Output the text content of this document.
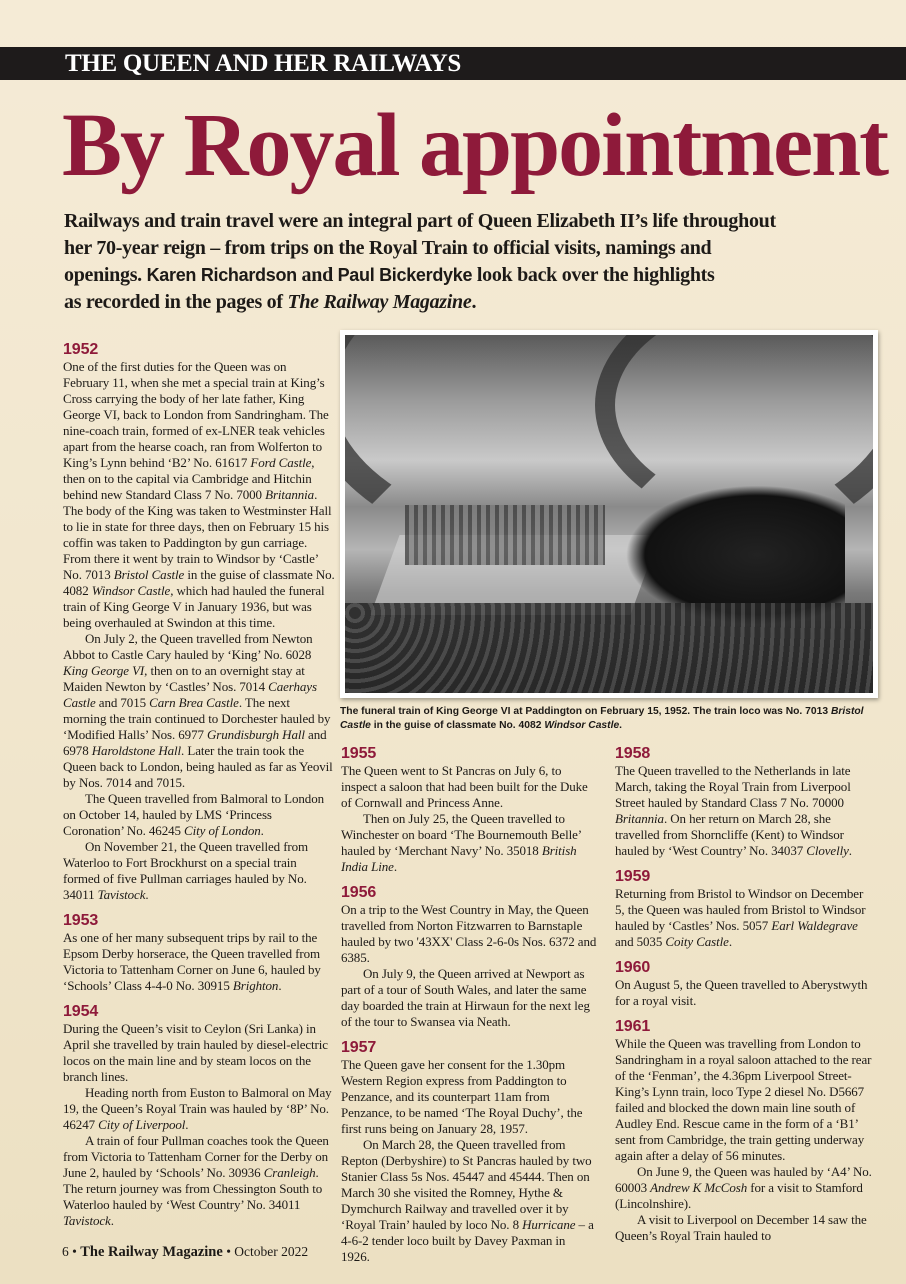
THE QUEEN AND HER RAILWAYS
By Royal appointment
Railways and train travel were an integral part of Queen Elizabeth II’s life throughout
her 70-year reign – from trips on the Royal Train to official visits, namings and
openings. Karen Richardson and Paul Bickerdyke look back over the highlights
as recorded in the pages of The Railway Magazine.
1952

One of the first duties for the Queen was on February 11, when she met a special train at King’s Cross carrying the body of her late father, King George VI, back to London from Sandringham. The nine-coach train, formed of ex-LNER teak vehicles apart from the hearse coach, ran from Wolferton to King’s Lynn behind ‘B2’ No. 61617 Ford Castle, then on to the capital via Cambridge and Hitchin behind new Standard Class 7 No. 7000 Britannia. The body of the King was taken to Westminster Hall to lie in state for three days, then on February 15 his coffin was taken to Paddington by gun carriage. From there it went by train to Windsor by ‘Castle’ No. 7013 Bristol Castle in the guise of classmate No. 4082 Windsor Castle, which had hauled the funeral train of King George V in January 1936, but was being overhauled at Swindon at this time.

On July 2, the Queen travelled from Newton Abbot to Castle Cary hauled by ‘King’ No. 6028 King George VI, then on to an overnight stay at Maiden Newton by ‘Castles’ Nos. 7014 Caerhays Castle and 7015 Carn Brea Castle. The next morning the train continued to Dorchester hauled by ‘Modified Halls’ Nos. 6977 Grundisburgh Hall and 6978 Haroldstone Hall. Later the train took the Queen back to London, being hauled as far as Yeovil by Nos. 7014 and 7015.

The Queen travelled from Balmoral to London on October 14, hauled by LMS ‘Princess Coronation’ No. 46245 City of London.

On November 21, the Queen travelled from Waterloo to Fort Brockhurst on a special train formed of five Pullman carriages hauled by No. 34011 Tavistock.

1953

As one of her many subsequent trips by rail to the Epsom Derby horserace, the Queen travelled from Victoria to Tattenham Corner on June 6, hauled by ‘Schools’ Class 4-4-0 No. 30915 Brighton.

1954

During the Queen’s visit to Ceylon (Sri Lanka) in April she travelled by train hauled by diesel-electric locos on the main line and by steam locos on the branch lines.

Heading north from Euston to Balmoral on May 19, the Queen’s Royal Train was hauled by ‘8P’ No. 46247 City of Liverpool.

A train of four Pullman coaches took the Queen from Victoria to Tattenham Corner for the Derby on June 2, hauled by ‘Schools’ No. 30936 Cranleigh. The return journey was from Chessington South to Waterloo hauled by ‘West Country’ No. 34011 Tavistock.

The funeral train of King George VI at Paddington on February 15, 1952. The train loco was No. 7013 Bristol Castle in the guise of classmate No. 4082 Windsor Castle.
1955

The Queen went to St Pancras on July 6, to inspect a saloon that had been built for the Duke of Cornwall and Princess Anne.

Then on July 25, the Queen travelled to Winchester on board ‘The Bournemouth Belle’ hauled by ‘Merchant Navy’ No. 35018 British India Line.

1956

On a trip to the West Country in May, the Queen travelled from Norton Fitzwarren to Barnstaple hauled by two '43XX' Class 2-6-0s Nos. 6372 and 6385.

On July 9, the Queen arrived at Newport as part of a tour of South Wales, and later the same day boarded the train at Hirwaun for the next leg of the tour to Swansea via Neath.

1957

The Queen gave her consent for the 1.30pm Western Region express from Paddington to Penzance, and its counterpart 11am from Penzance, to be named ‘The Royal Duchy’, the first runs being on January 28, 1957.

On March 28, the Queen travelled from Repton (Derbyshire) to St Pancras hauled by two Stanier Class 5s Nos. 45447 and 45444. Then on March 30 she visited the Romney, Hythe & Dymchurch Railway and travelled over it by ‘Royal Train’ hauled by loco No. 8 Hurricane – a 4-6-2 tender loco built by Davey Paxman in 1926.

1958

The Queen travelled to the Netherlands in late March, taking the Royal Train from Liverpool Street hauled by Standard Class 7 No. 70000 Britannia. On her return on March 28, she travelled from Shorncliffe (Kent) to Windsor hauled by ‘West Country’ No. 34037 Clovelly.

1959

Returning from Bristol to Windsor on December 5, the Queen was hauled from Bristol to Windsor hauled by ‘Castles’ Nos. 5057 Earl Waldegrave and 5035 Coity Castle.

1960

On August 5, the Queen travelled to Aberystwyth for a royal visit.

1961

While the Queen was travelling from London to Sandringham in a royal saloon attached to the rear of the ‘Fenman’, the 4.36pm Liverpool Street-King’s Lynn train, loco Type 2 diesel No. D5667 failed and blocked the down main line south of Audley End. Rescue came in the form of a ‘B1’ sent from Cambridge, the train getting underway again after a delay of 56 minutes.

On June 9, the Queen was hauled by ‘A4’ No. 60003 Andrew K McCosh for a visit to Stamford (Lincolnshire).

A visit to Liverpool on December 14 saw the Queen’s Royal Train hauled to

6 • The Railway Magazine • October 2022
